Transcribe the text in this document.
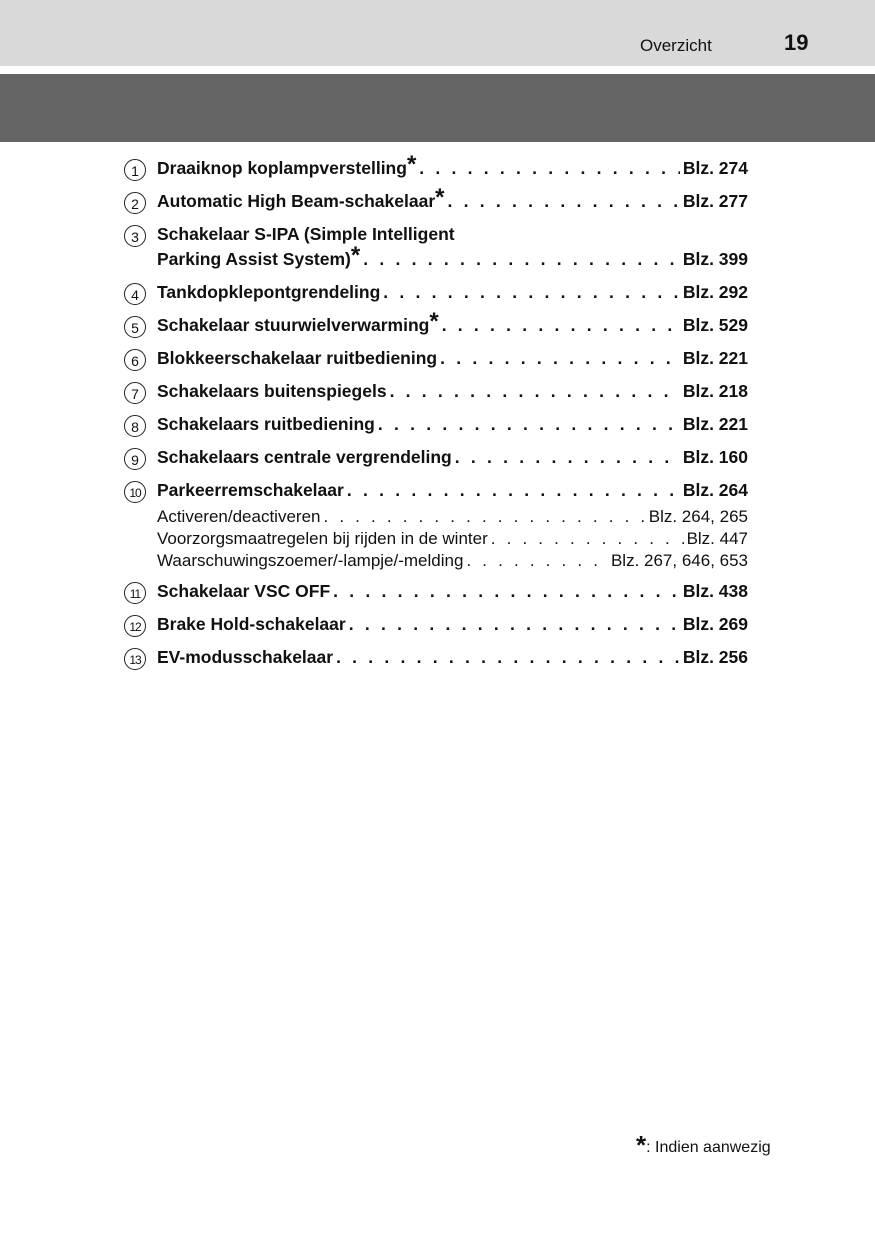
Overzicht	19
1	Draaiknop koplampverstelling * . . .	Blz. 274
2	Automatic High Beam-schakelaar * . . .	Blz. 277
3	Schakelaar S-IPA (Simple Intelligent
Parking Assist System) * . . .	Blz. 399
4	Tankdopklepontgrendeling . . .	Blz. 292
5	Schakelaar stuurwielverwarming * . . .	Blz. 529
6	Blokkeerschakelaar ruitbediening . . .	Blz. 221
7	Schakelaars buitenspiegels . . .	Blz. 218
8	Schakelaars ruitbediening . . .	Blz. 221
9	Schakelaars centrale vergrendeling . . .	Blz. 160
10 Parkeerremschakelaar . . .	Blz. 264
Activeren/deactiveren . . .	Blz. 264, 265
Voorzorgsmaatregelen bij rijden in de winter . . .	Blz. 447
Waarschuwingszoemer/-lampje/-melding . . .	Blz. 267, 646, 653
11 Schakelaar VSC OFF . . .	Blz. 438
12 Brake Hold-schakelaar . . .	Blz. 269
13 EV-modusschakelaar . . .	Blz. 256
*: Indien aanwezig
